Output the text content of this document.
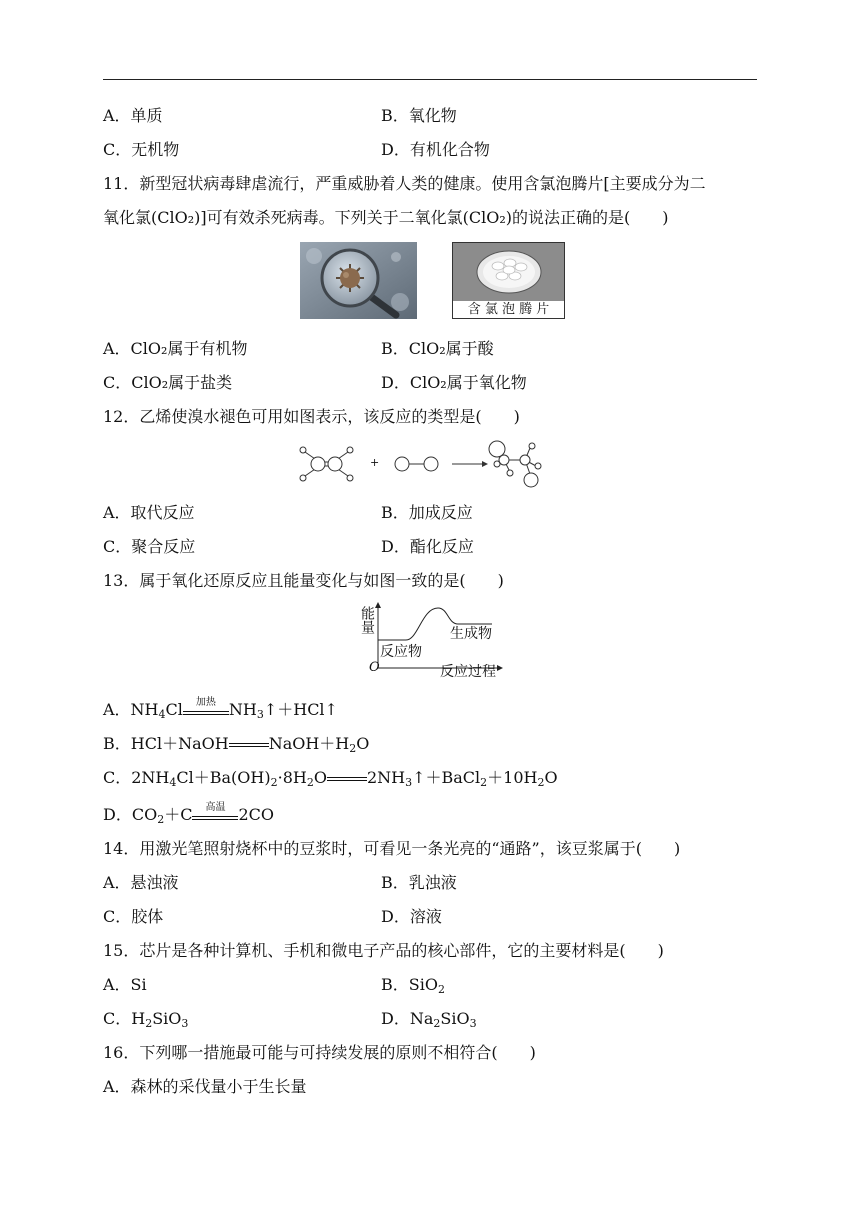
A．单质	B．氧化物
C．无机物	D．有机化合物
11．新型冠状病毒肆虐流行，严重威胁着人类的健康。使用含氯泡腾片[主要成分为二
氧化氯(ClO₂)]可有效杀死病毒。下列关于二氧化氯(ClO₂)的说法正确的是(　　)
含 氯 泡 腾 片
A．ClO₂属于有机物	B．ClO₂属于酸
C．ClO₂属于盐类	D．ClO₂属于氧化物
12．乙烯使溴水褪色可用如图表示，该反应的类型是(　　)
+
A．取代反应	B．加成反应
C．聚合反应	D．酯化反应
13．属于氧化还原反应且能量变化与如图一致的是(　　)
能量
O	反应过程
反应物
生成物
A．$NH_4Cl$	加热 $NH_3↑+HCl↑$
B．HCl＋NaOH	$NaOH+H_2O$
C．$2NH_4Cl+Ba(OH)_2\cdot 8H_2O$	$2NH_3↑+BaCl_2+10H_2O$
D．$CO_2+C$	高温 2CO
14．用激光笔照射烧杯中的豆浆时，可看见一条光亮的“通路”，该豆浆属于(　　)
A．悬浊液	B．乳浊液
C．胶体	D．溶液
15．芯片是各种计算机、手机和微电子产品的核心部件，它的主要材料是(　　)
A．Si	B．SiO$_2$
C．$H_2SiO_3$	D．$Na_2SiO_3$
16．下列哪一措施最可能与可持续发展的原则不相符合(　　)
A．森林的采伐量小于生长量
